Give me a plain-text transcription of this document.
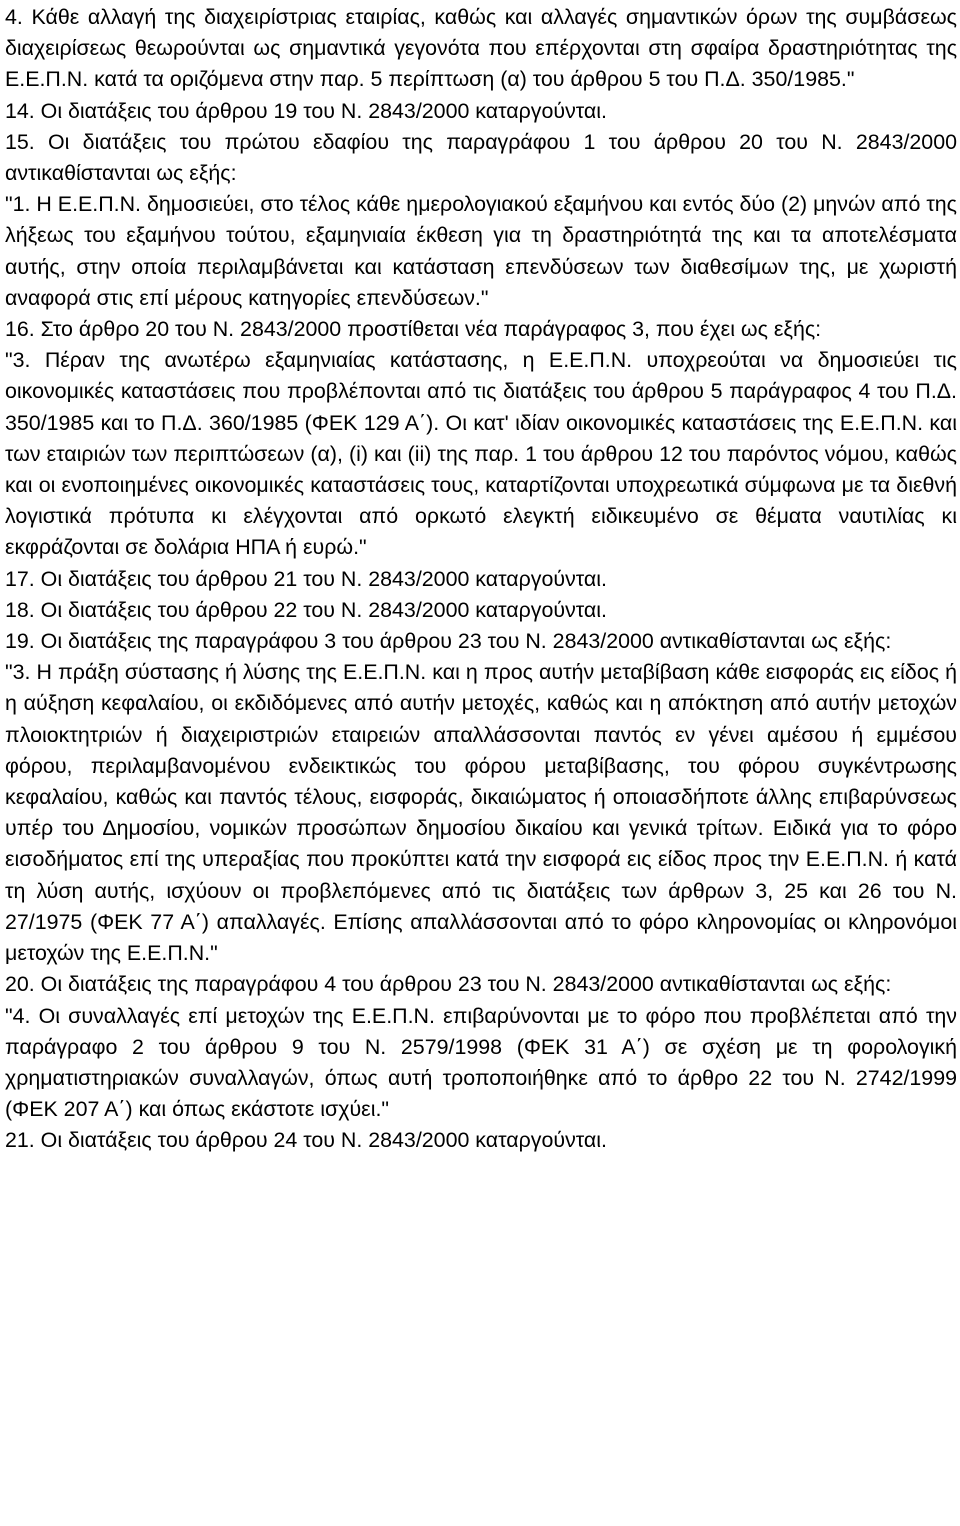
4. Κάθε αλλαγή της διαχειρίστριας εταιρίας, καθώς και αλλαγές σημαντικών όρων της συμβάσεως διαχειρίσεως θεωρούνται ως σημαντικά γεγονότα που επέρχονται στη σφαίρα δραστηριότητας της Ε.Ε.Π.Ν. κατά τα οριζόμενα στην παρ. 5 περίπτωση (α) του άρθρου 5 του Π.Δ. 350/1985."

14. Οι διατάξεις του άρθρου 19 του Ν. 2843/2000 καταργούνται.

15. Οι διατάξεις του πρώτου εδαφίου της παραγράφου 1 του άρθρου 20 του Ν. 2843/2000 αντικαθίστανται ως εξής:

"1. Η Ε.Ε.Π.Ν. δημοσιεύει, στο τέλος κάθε ημερολογιακού εξαμήνου και εντός δύο (2) μηνών από της λήξεως του εξαμήνου τούτου, εξαμηνιαία έκθεση για τη δραστηριότητά της και τα αποτελέσματα αυτής, στην οποία περιλαμβάνεται και κατάσταση επενδύσεων των διαθεσίμων της, με χωριστή αναφορά στις επί μέρους κατηγορίες επενδύσεων."

16. Στο άρθρο 20 του Ν. 2843/2000 προστίθεται νέα παράγραφος 3, που έχει ως εξής:

"3. Πέραν της ανωτέρω εξαμηνιαίας κατάστασης, η Ε.Ε.Π.Ν. υποχρεούται να δημοσιεύει τις οικονομικές καταστάσεις που προβλέπονται από τις διατάξεις του άρθρου 5 παράγραφος 4 του Π.Δ. 350/1985 και το Π.Δ. 360/1985 (ΦΕΚ 129 Α΄). Οι κατ' ιδίαν οικονομικές καταστάσεις της Ε.Ε.Π.Ν. και των εταιριών των περιπτώσεων (α), (i) και (ii) της παρ. 1 του άρθρου 12 του παρόντος νόμου, καθώς και οι ενοποιημένες οικονομικές καταστάσεις τους, καταρτίζονται υποχρεωτικά σύμφωνα με τα διεθνή λογιστικά πρότυπα κι ελέγχονται από ορκωτό ελεγκτή ειδικευμένο σε θέματα ναυτιλίας κι εκφράζονται σε δολάρια ΗΠΑ ή ευρώ."

17. Οι διατάξεις του άρθρου 21 του Ν. 2843/2000 καταργούνται.

18. Οι διατάξεις του άρθρου 22 του Ν. 2843/2000 καταργούνται.

19. Οι διατάξεις της παραγράφου 3 του άρθρου 23 του Ν. 2843/2000 αντικαθίστανται ως εξής:

"3. Η πράξη σύστασης ή λύσης της Ε.Ε.Π.Ν. και η προς αυτήν μεταβίβαση κάθε εισφοράς εις είδος ή η αύξηση κεφαλαίου, οι εκδιδόμενες από αυτήν μετοχές, καθώς και η απόκτηση από αυτήν μετοχών πλοιοκτητριών ή διαχειριστριών εταιρειών απαλλάσσονται παντός εν γένει αμέσου ή εμμέσου φόρου, περιλαμβανομένου ενδεικτικώς του φόρου μεταβίβασης, του φόρου συγκέντρωσης κεφαλαίου, καθώς και παντός τέλους, εισφοράς, δικαιώματος ή οποιασδήποτε άλλης επιβαρύνσεως υπέρ του Δημοσίου, νομικών προσώπων δημοσίου δικαίου και γενικά τρίτων. Ειδικά για το φόρο εισοδήματος επί της υπεραξίας που προκύπτει κατά την εισφορά εις είδος προς την Ε.Ε.Π.Ν. ή κατά τη λύση αυτής, ισχύουν οι προβλεπόμενες από τις διατάξεις των άρθρων 3, 25 και 26 του Ν. 27/1975 (ΦΕΚ 77 Α΄) απαλλαγές. Επίσης απαλλάσσονται από το φόρο κληρονομίας οι κληρονόμοι μετοχών της Ε.Ε.Π.Ν."

20. Οι διατάξεις της παραγράφου 4 του άρθρου 23 του Ν. 2843/2000 αντικαθίστανται ως εξής:

"4. Οι συναλλαγές επί μετοχών της Ε.Ε.Π.Ν. επιβαρύνονται με το φόρο που προβλέπεται από την παράγραφο 2 του άρθρου 9 του Ν. 2579/1998 (ΦΕΚ 31 Α΄) σε σχέση με τη φορολογική χρηματιστηριακών συναλλαγών, όπως αυτή τροποποιήθηκε από το άρθρο 22 του Ν. 2742/1999 (ΦΕΚ 207 Α΄) και όπως εκάστοτε ισχύει."

21. Οι διατάξεις του άρθρου 24 του Ν. 2843/2000 καταργούνται.
